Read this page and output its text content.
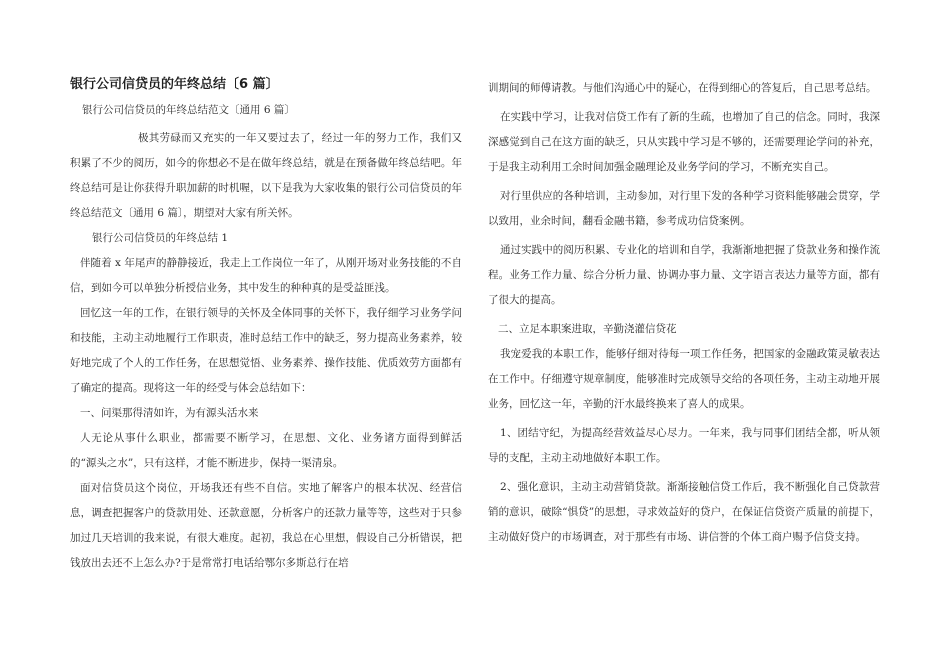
银行公司信贷员的年终总结〔6 篇〕
银行公司信贷员的年终总结范文〔通用 6 篇〕

极其劳碌而又充实的一年又要过去了，经过一年的努力工作，我们又积累了不少的阅历，如今的你想必不是在做年终总结，就是在预备做年终总结吧。年终总结可是让你获得升职加薪的时机喔，以下是我为大家收集的银行公司信贷员的年终总结范文〔通用 6 篇〕，期望对大家有所关怀。

银行公司信贷员的年终总结 1

伴随着 x 年尾声的静静接近，我走上工作岗位一年了，从刚开场对业务技能的不自信，到如今可以单独分析授信业务，其中发生的种种真的是受益匪浅。

回忆这一年的工作，在银行领导的关怀及全体同事的关怀下，我仔细学习业务学问和技能，主动主动地履行工作职责，准时总结工作中的缺乏，努力提高业务素养，较好地完成了个人的工作任务，在思想觉悟、业务素养、操作技能、优质效劳方面都有了确定的提高。现将这一年的经受与体会总结如下：

一、问渠那得清如许，为有源头活水来

人无论从事什么职业，都需要不断学习，在思想、文化、业务诸方面得到鲜活的“源头之水”，只有这样，才能不断进步，保持一渠清泉。

面对信贷员这个岗位，开场我还有些不自信。实地了解客户的根本状况、经营信息，调查把握客户的贷款用处、还款意愿，分析客户的还款力量等等，这些对于只参加过几天培训的我来说，有很大难度。起初，我总在心里想，假设自己分析错误，把钱放出去还不上怎么办?于是常常打电话给鄂尔多斯总行在培

训期间的师傅请教。与他们沟通心中的疑心，在得到细心的答复后，自己思考总结。

在实践中学习，让我对信贷工作有了新的生疏，也增加了自己的信念。同时，我深深感觉到自己在这方面的缺乏，只从实践中学习是不够的，还需要理论学问的补充，于是我主动利用工余时间加强金融理论及业务学问的学习，不断充实自己。

对行里供应的各种培训，主动参加，对行里下发的各种学习资料能够融会贯穿，学以致用，业余时间，翻看金融书籍，参考成功信贷案例。

通过实践中的阅历积累、专业化的培训和自学，我渐渐地把握了贷款业务和操作流程。业务工作力量、综合分析力量、协调办事力量、文字语言表达力量等方面，都有了很大的提高。

二、立足本职案进取，辛勤浇灌信贷花

我宠爱我的本职工作，能够仔细对待每一项工作任务，把国家的金融政策灵敏表达在工作中。仔细遵守规章制度，能够准时完成领导交给的各项任务，主动主动地开展业务，回忆这一年，辛勤的汗水最终换来了喜人的成果。

1、团结守纪，为提高经营效益尽心尽力。一年来，我与同事们团结全都，听从领导的支配，主动主动地做好本职工作。

2、强化意识，主动主动营销贷款。渐渐接触信贷工作后，我不断强化自己贷款营销的意识，破除“惧贷”的思想，寻求效益好的贷户，在保证信贷资产质量的前提下，主动做好贷户的市场调查，对于那些有市场、讲信誉的个体工商户赐予信贷支持。
